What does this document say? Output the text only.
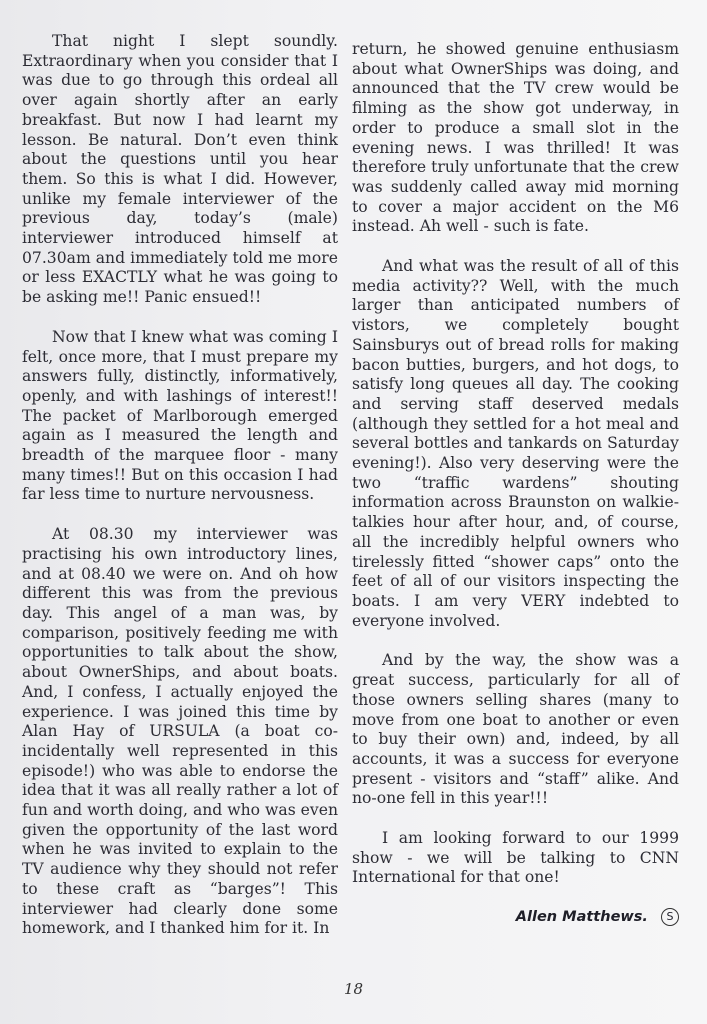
That night I slept soundly. Extraordinary when you consider that I was due to go through this ordeal all over again shortly after an early breakfast. But now I had learnt my lesson. Be natural. Don’t even think about the questions until you hear them. So this is what I did. However, unlike my female interviewer of the previous day, today’s (male) interviewer introduced himself at 07.30am and immediately told me more or less EXACTLY what he was going to be asking me!! Panic ensued!!

Now that I knew what was coming I felt, once more, that I must prepare my answers fully, distinctly, informatively, openly, and with lashings of interest!! The packet of Marlborough emerged again as I measured the length and breadth of the marquee floor - many many times!! But on this occasion I had far less time to nurture nervousness.

At 08.30 my interviewer was practising his own introductory lines, and at 08.40 we were on. And oh how different this was from the previous day. This angel of a man was, by comparison, positively feeding me with opportunities to talk about the show, about OwnerShips, and about boats. And, I confess, I actually enjoyed the experience. I was joined this time by Alan Hay of URSULA (a boat co-incidentally well represented in this episode!) who was able to endorse the idea that it was all really rather a lot of fun and worth doing, and who was even given the opportunity of the last word when he was invited to explain to the TV audience why they should not refer to these craft as “barges”! This interviewer had clearly done some homework, and I thanked him for it. In

return, he showed genuine enthusiasm about what OwnerShips was doing, and announced that the TV crew would be filming as the show got underway, in order to produce a small slot in the evening news. I was thrilled! It was therefore truly unfortunate that the crew was suddenly called away mid morning to cover a major accident on the M6 instead. Ah well - such is fate.

And what was the result of all of this media activity?? Well, with the much larger than anticipated numbers of vistors, we completely bought Sainsburys out of bread rolls for making bacon butties, burgers, and hot dogs, to satisfy long queues all day. The cooking and serving staff deserved medals (although they settled for a hot meal and several bottles and tankards on Saturday evening!). Also very deserving were the two “traffic wardens” shouting information across Braunston on walkie-talkies hour after hour, and, of course, all the incredibly helpful owners who tirelessly fitted “shower caps” onto the feet of all of our visitors inspecting the boats. I am very VERY indebted to everyone involved.

And by the way, the show was a great success, particularly for all of those owners selling shares (many to move from one boat to another or even to buy their own) and, indeed, by all accounts, it was a success for everyone present - visitors and “staff” alike. And no-one fell in this year!!!

I am looking forward to our 1999 show - we will be talking to CNN International for that one!

Allen Matthews. S
18
